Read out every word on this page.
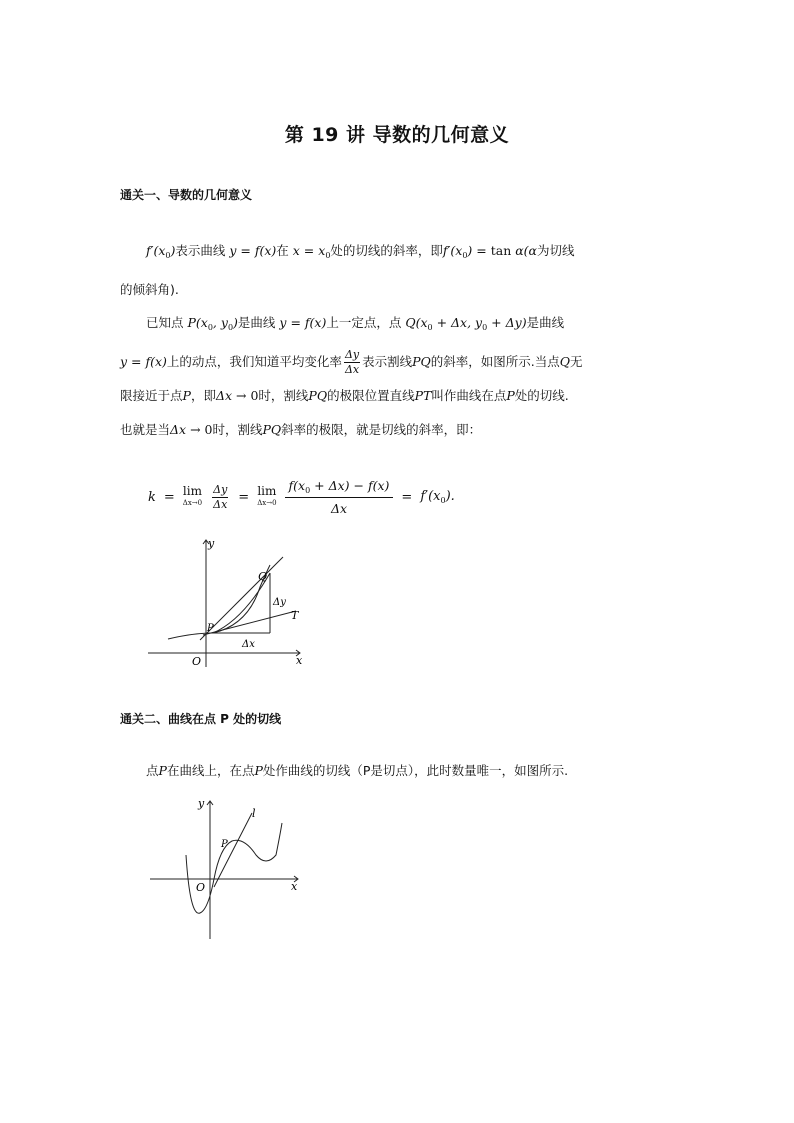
第 19 讲 导数的几何意义
通关一、导数的几何意义
$f'(x_0)$表示曲线 y = f(x)在 $x = x_0$处的切线的斜率，即$f'(x_0) = \tan \alpha(\alpha$为切线
的倾斜角).
已知点 $P(x_0$, $y_0$)是曲线 y = f(x)上一定点，点 $Q(x_0 + \Delta x$, $y_0 + \Delta y$)是曲线
y = f(x)上的动点，我们知道平均变化率 $\frac{\Delta y}{\Delta x}$ 表示割线PQ的斜率，如图所示.当点Q无
限接近于点P，即Δx → 0时，割线PQ的极限位置直线PT叫作曲线在点P处的切线.
也就是当Δx → 0时，割线PQ斜率的极限，就是切线的斜率，即：
k = lim
$\Delta x\to 0 \frac{\Delta y}{\Delta x} = \lim$
$\Delta x\to 0 \frac{f(x_0 + \Delta x) - f(x)}{\Delta x} = f'(x_0)$.
y
x
O
P
Q
T
Δx
Δy
通关二、曲线在点 P 处的切线
点P在曲线上，在点P处作曲线的切线（P是切点），此时数量唯一，如图所示.
y
x
O
P
l
